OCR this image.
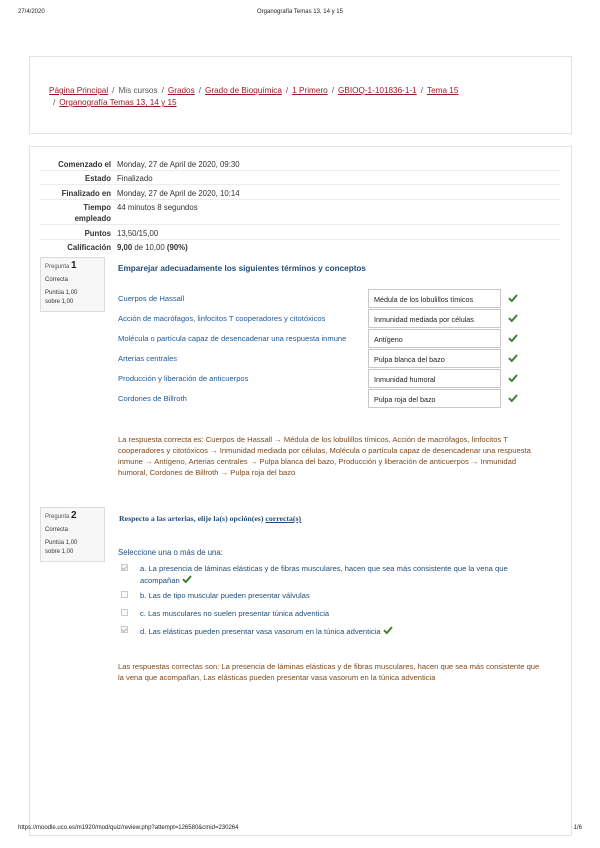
27/4/2020	Organografía Temas 13, 14 y 15
Página Principal / Mis cursos / Grados / Grado de Bioquímica / 1 Primero / GBIOQ-1-101836-1-1 / Tema 15
/ Organografía Temas 13, 14 y 15
Comenzado el Monday, 27 de April de 2020, 09:30
Estado Finalizado
Finalizado en Monday, 27 de April de 2020, 10:14
Tiempo empleado
44 minutos 8 segundos
Puntos 13,50/15,00
Calificación 9,00 de 10,00 (90%)
Pregunta 1
Correcta
Puntúa 1,00
sobre 1,00
Emparejar adecuadamente los siguientes términos y conceptos
Cuerpos de Hassall	Médula de los lobulillos tímicos
Acción de macrófagos, linfocitos T cooperadores y citotóxicos	Inmunidad mediada por células
Molécula o partícula capaz de desencadenar una respuesta inmune	Antígeno
Arterias centrales	Pulpa blanca del bazo
Producción y liberación de anticuerpos	Inmunidad humoral
Cordones de Billroth	Pulpa roja del bazo
La respuesta correcta es: Cuerpos de Hassall → Médula de los lobulillos tímicos, Acción de macrófagos, linfocitos T
cooperadores y citotóxicos → Inmunidad mediada por células, Molécula o partícula capaz de desencadenar una respuesta
inmune → Antígeno, Arterias centrales → Pulpa blanca del bazo, Producción y liberación de anticuerpos → Inmunidad
humoral, Cordones de Billroth → Pulpa roja del bazo
Pregunta 2
Correcta
Puntúa 1,00
sobre 1,00
Respecto a las arterias, elije la(s) opción(es) correcta(s)
Seleccione una o más de una:
a. La presencia de láminas elásticas y de fibras musculares, hacen que sea más consistente que la vena que
acompañan
b. Las de tipo muscular pueden presentar válvulas
c. Las musculares no suelen presentar túnica adventicia
d. Las elásticas pueden presentar vasa vasorum en la túnica adventicia
Las respuestas correctas son: La presencia de láminas elásticas y de fibras musculares, hacen que sea más consistente que
la vena que acompañan, Las elásticas pueden presentar vasa vasorum en la túnica adventicia
https://moodle.uco.es/m1920/mod/quiz/review.php?attempt=126580&cmid=230264	1/6
